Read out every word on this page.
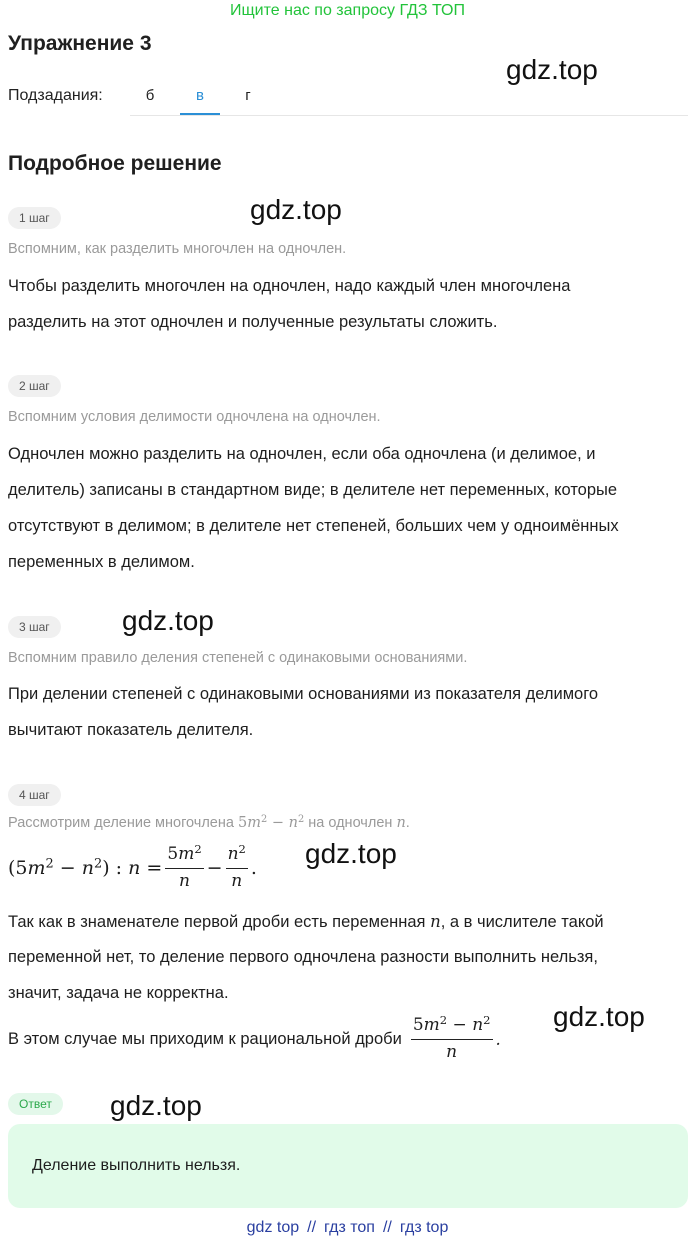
Ищите нас по запросу ГДЗ ТОП
Упражнение 3
gdz.top
gdz.top
gdz.top
gdz.top
gdz.top
gdz.top
Подзадания:	б	в	г
Подробное решение
1 шаг
Вспомним, как разделить многочлен на одночлен.
Чтобы разделить многочлен на одночлен, надо каждый член многочлена
разделить на этот одночлен и полученные результаты сложить.
2 шаг
Вспомним условия делимости одночлена на одночлен.
Одночлен можно разделить на одночлен, если оба одночлена (и делимое, и
делитель) записаны в стандартном виде; в делителе нет переменных, которые
отсутствуют в делимом; в делителе нет степеней, больших чем у одноимённых
переменных в делимом.
3 шаг
Вспомним правило деления степеней с одинаковыми основаниями.
При делении степеней с одинаковыми основаниями из показателя делимого
вычитают показатель делителя.
4 шаг
Рассмотрим деление многочлена $5m^2 - n^2$ на одночлен n.
$(5m^2 - n^2)$ : $n = \frac{5m^2}{n} - \frac{n^2}{n}$ .
Так как в знаменателе первой дроби есть переменная n, а в числителе такой
переменной нет, то деление первого одночлена разности выполнить нельзя,
значит, задача не корректна.
В этом случае мы приходим к рациональной дроби $\frac{5m^2 - n^2}{n}$ .
Ответ
Деление выполнить нельзя.
gdz top // гдз топ // гдз top
